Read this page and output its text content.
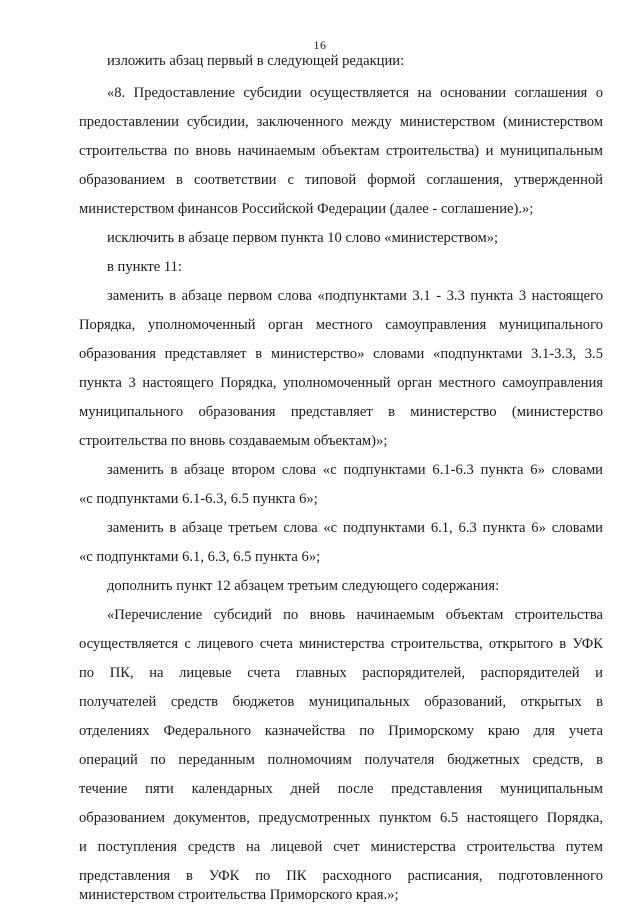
16
изложить абзац первый в следующей редакции:
«8. Предоставление субсидии осуществляется на основании соглашения о
предоставлении субсидии, заключенного между министерством (министерством
строительства по вновь начинаемым объектам строительства) и муниципальным
образованием в соответствии с типовой формой соглашения, утвержденной
министерством финансов Российской Федерации (далее - соглашение).»;
исключить в абзаце первом пункта 10 слово «министерством»;
в пункте 11:
заменить в абзаце первом слова «подпунктами 3.1 - 3.3 пункта 3 настоящего
Порядка, уполномоченный орган местного самоуправления муниципального
образования представляет в министерство» словами «подпунктами 3.1-3.3, 3.5
пункта 3 настоящего Порядка, уполномоченный орган местного самоуправления
муниципального образования представляет в министерство (министерство
строительства по вновь создаваемым объектам)»;
заменить в абзаце втором слова «с подпунктами 6.1-6.3 пункта 6» словами
«с подпунктами 6.1-6.3, 6.5 пункта 6»;
заменить в абзаце третьем слова «с подпунктами 6.1, 6.3 пункта 6» словами
«с подпунктами 6.1, 6.3, 6.5 пункта 6»;
дополнить пункт 12 абзацем третьим следующего содержания:
«Перечисление субсидий по вновь начинаемым объектам строительства
осуществляется с лицевого счета министерства строительства, открытого в УФК
по ПК, на лицевые счета главных распорядителей, распорядителей и
получателей средств бюджетов муниципальных образований, открытых в
отделениях Федерального казначейства по Приморскому краю для учета
операций по переданным полномочиям получателя бюджетных средств, в
течение пяти календарных дней после представления муниципальным
образованием документов, предусмотренных пунктом 6.5 настоящего Порядка,
и поступления средств на лицевой счет министерства строительства путем
представления в УФК по ПК расходного расписания, подготовленного
министерством строительства Приморского края.»;
